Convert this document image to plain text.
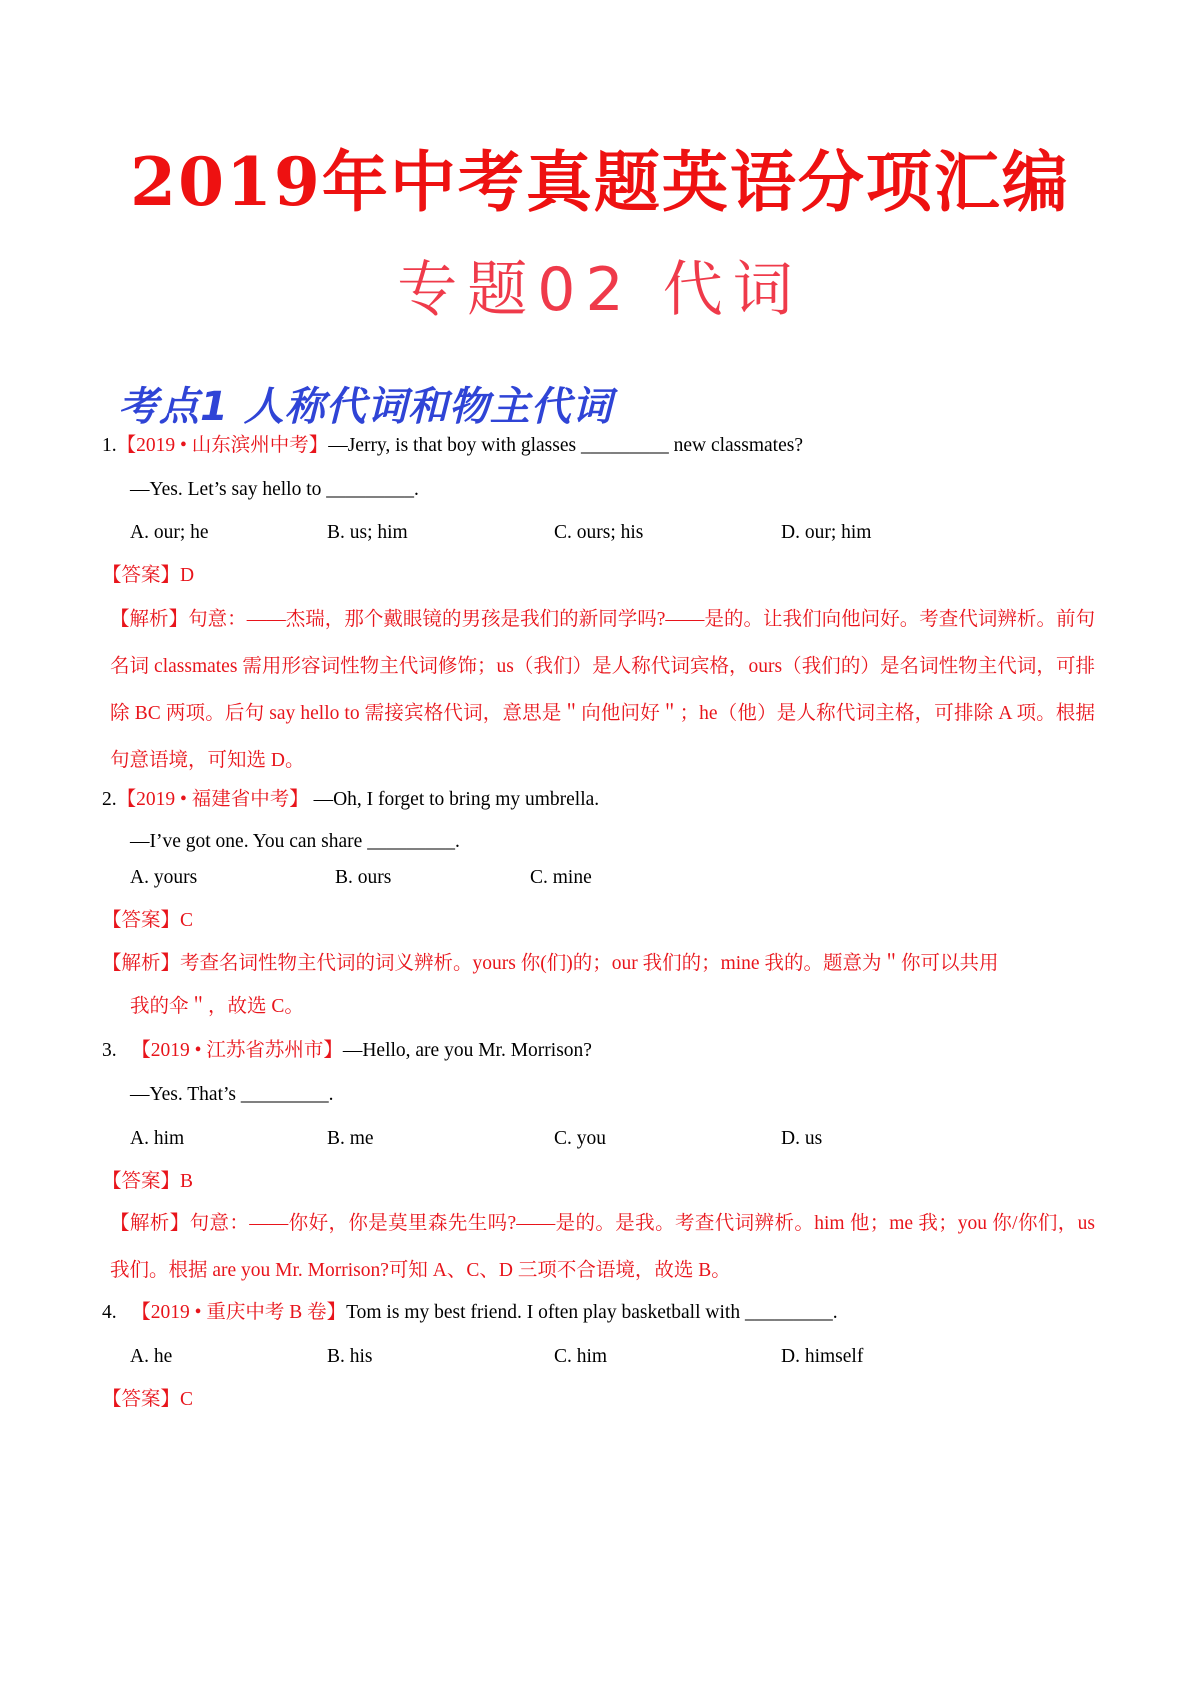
2019年中考真题英语分项汇编
专题02 代词
考点1 人称代词和物主代词
1.【2019 • 山东滨州中考】—Jerry, is that boy with glasses _________ new classmates?
—Yes. Let’s say hello to _________.
A. our; he	B. us; him	C. ours; his	D. our; him
【答案】D
【解析】句意：——杰瑞，那个戴眼镜的男孩是我们的新同学吗?——是的。让我们向他问好。考查代词辨析。前句名词 classmates 需用形容词性物主代词修饰；us（我们）是人称代词宾格，ours（我们的）是名词性物主代词，可排除 BC 两项。后句 say hello to 需接宾格代词，意思是＂向他问好＂；he（他）是人称代词主格，可排除 A 项。根据句意语境，可知选 D。
2.【2019 • 福建省中考】 —Oh, I forget to bring my umbrella.
—I’ve got one. You can share _________.
A. yours	B. ours	C. mine
【答案】C
【解析】考查名词性物主代词的词义辨析。yours 你(们)的；our 我们的；mine 我的。题意为＂你可以共用
我的伞＂，故选 C。
3. 【2019 • 江苏省苏州市】—Hello, are you Mr. Morrison?
—Yes. That’s _________.
A. him	B. me	C. you	D. us
【答案】B
【解析】句意：——你好，你是莫里森先生吗?——是的。是我。考查代词辨析。him 他；me 我；you 你/你们，us 我们。根据 are you Mr. Morrison?可知 A、C、D 三项不合语境，故选 B。
4. 【2019 • 重庆中考 B 卷】Tom is my best friend. I often play basketball with _________.
A. he	B. his	C. him	D. himself
【答案】C
